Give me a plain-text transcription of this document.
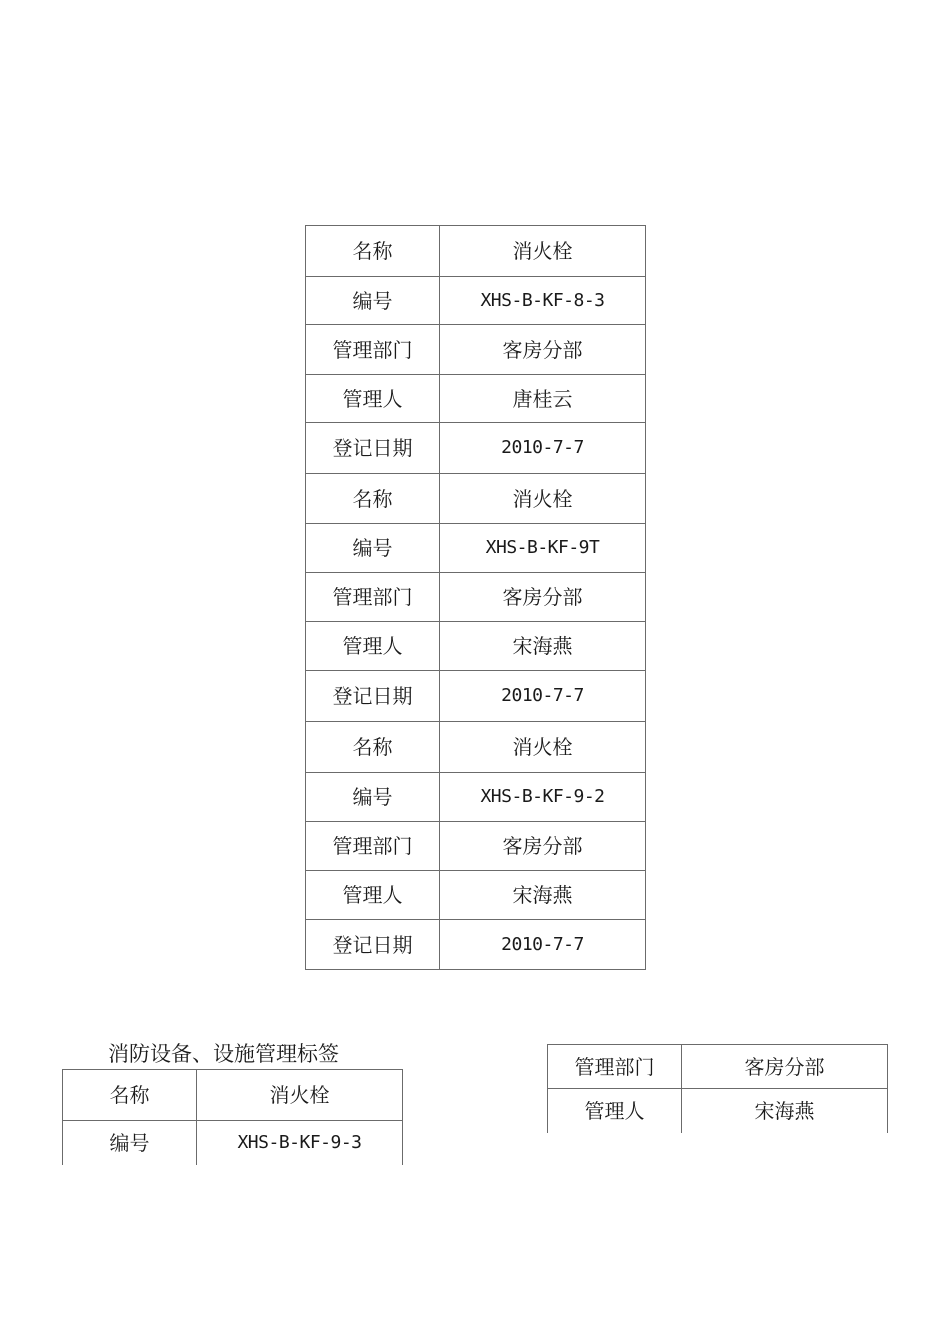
名称	消火栓
编号	XHS-B-KF-8-3
管理部门	客房分部
管理人	唐桂云
登记日期	2010-7-7
名称	消火栓
编号	XHS-B-KF-9T
管理部门	客房分部
管理人	宋海燕
登记日期	2010-7-7
名称	消火栓
编号	XHS-B-KF-9-2
管理部门	客房分部
管理人	宋海燕
登记日期	2010-7-7
消防设备、设施管理标签
名称	消火栓
编号	XHS-B-KF-9-3
管理部门	客房分部
管理人	宋海燕
